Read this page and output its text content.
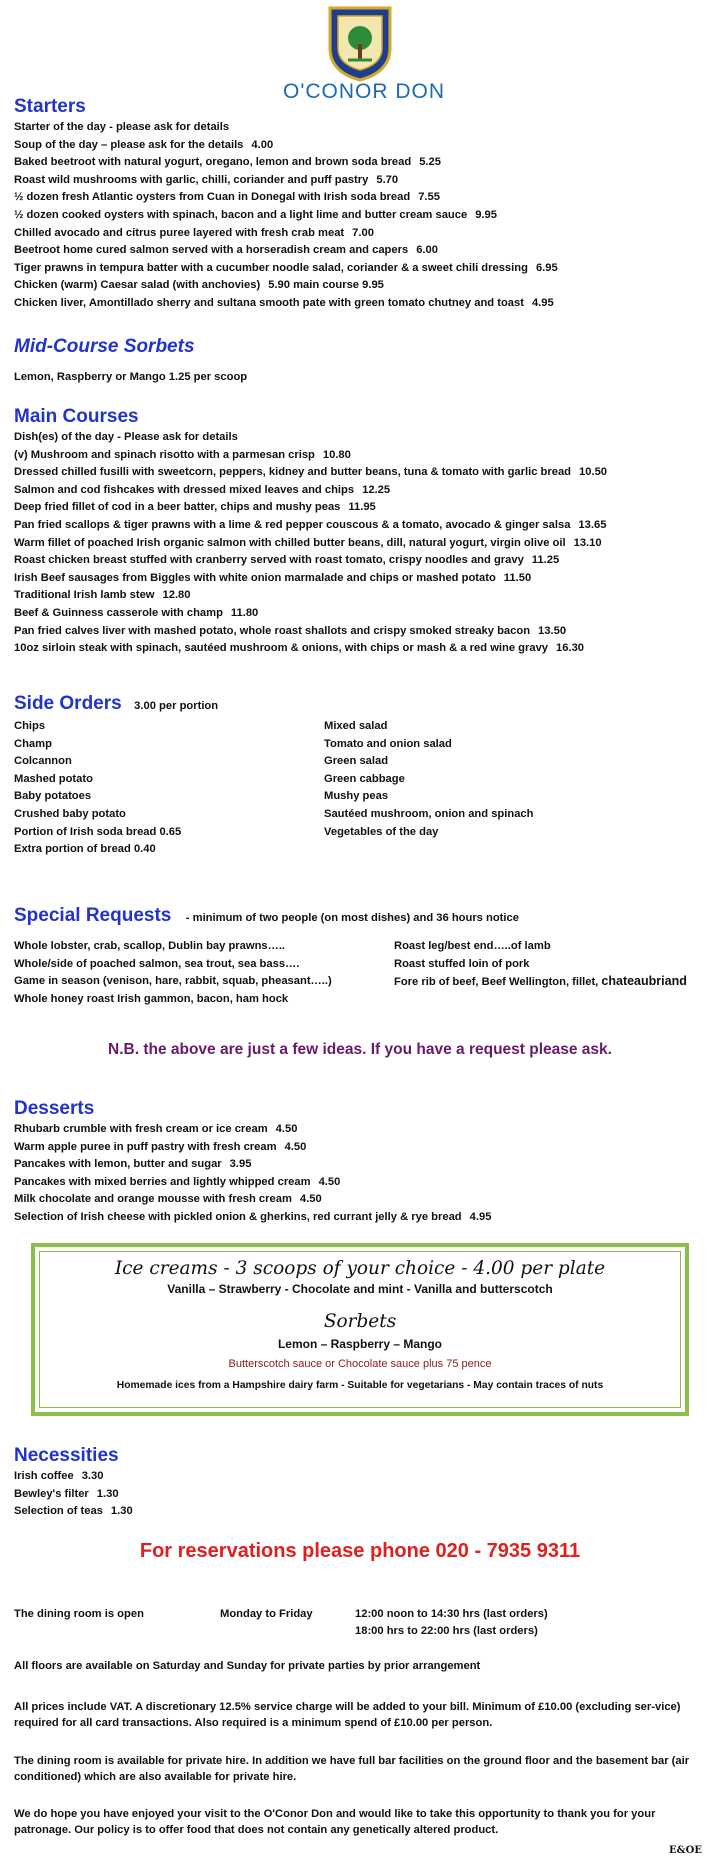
O'CONOR DON
Starters
Starter of the day - please ask for details
Soup of the day – please ask for the details 4.00
Baked beetroot with natural yogurt, oregano, lemon and brown soda bread 5.25
Roast wild mushrooms with garlic, chilli, coriander and puff pastry 5.70
½ dozen fresh Atlantic oysters from Cuan in Donegal with Irish soda bread 7.55
½ dozen cooked oysters with spinach, bacon and a light lime and butter cream sauce 9.95
Chilled avocado and citrus puree layered with fresh crab meat 7.00
Beetroot home cured salmon served with a horseradish cream and capers 6.00
Tiger prawns in tempura batter with a cucumber noodle salad, coriander & a sweet chili dressing 6.95
Chicken (warm) Caesar salad (with anchovies) 5.90 main course 9.95
Chicken liver, Amontillado sherry and sultana smooth pate with green tomato chutney and toast 4.95
Mid-Course Sorbets
Lemon, Raspberry or Mango 1.25 per scoop
Main Courses
Dish(es) of the day - Please ask for details
(v) Mushroom and spinach risotto with a parmesan crisp 10.80
Dressed chilled fusilli with sweetcorn, peppers, kidney and butter beans, tuna & tomato with garlic bread 10.50
Salmon and cod fishcakes with dressed mixed leaves and chips 12.25
Deep fried fillet of cod in a beer batter, chips and mushy peas 11.95
Pan fried scallops & tiger prawns with a lime & red pepper couscous & a tomato, avocado & ginger salsa 13.65
Warm fillet of poached Irish organic salmon with chilled butter beans, dill, natural yogurt, virgin olive oil 13.10
Roast chicken breast stuffed with cranberry served with roast tomato, crispy noodles and gravy 11.25
Irish Beef sausages from Biggles with white onion marmalade and chips or mashed potato 11.50
Traditional Irish lamb stew 12.80
Beef & Guinness casserole with champ 11.80
Pan fried calves liver with mashed potato, whole roast shallots and crispy smoked streaky bacon 13.50
10oz sirloin steak with spinach, sautéed mushroom & onions, with chips or mash & a red wine gravy 16.30
Side Orders 3.00 per portion
Chips
Champ
Colcannon
Mashed potato
Baby potatoes
Crushed baby potato
Portion of Irish soda bread 0.65
Extra portion of bread 0.40
Mixed salad
Tomato and onion salad
Green salad
Green cabbage
Mushy peas
Sautéed mushroom, onion and spinach
Vegetables of the day
Special Requests - minimum of two people (on most dishes) and 36 hours notice
Whole lobster, crab, scallop, Dublin bay prawns…..
Whole/side of poached salmon, sea trout, sea bass….
Game in season (venison, hare, rabbit, squab, pheasant…..)
Whole honey roast Irish gammon, bacon, ham hock
Roast leg/best end…..of lamb
Roast stuffed loin of pork
Fore rib of beef, Beef Wellington, fillet, chateaubriand
N.B. the above are just a few ideas. If you have a request please ask.
Desserts
Rhubarb crumble with fresh cream or ice cream 4.50
Warm apple puree in puff pastry with fresh cream 4.50
Pancakes with lemon, butter and sugar 3.95
Pancakes with mixed berries and lightly whipped cream 4.50
Milk chocolate and orange mousse with fresh cream 4.50
Selection of Irish cheese with pickled onion & gherkins, red currant jelly & rye bread 4.95
Ice creams - 3 scoops of your choice - 4.00 per plate
Vanilla – Strawberry - Chocolate and mint - Vanilla and butterscotch
Sorbets
Lemon – Raspberry – Mango
Butterscotch sauce or Chocolate sauce plus 75 pence
Homemade ices from a Hampshire dairy farm - Suitable for vegetarians - May contain traces of nuts
Necessities
Irish coffee 3.30
Bewley's filter 1.30
Selection of teas 1.30
For reservations please phone 020 - 7935 9311
The dining room is open	Monday to Friday	12:00 noon to 14:30 hrs (last orders)
18:00 hrs to 22:00 hrs (last orders)
All floors are available on Saturday and Sunday for private parties by prior arrangement
All prices include VAT. A discretionary 12.5% service charge will be added to your bill. Minimum of £10.00 (excluding ser-vice) required for all card transactions. Also required is a minimum spend of £10.00 per person.
The dining room is available for private hire. In addition we have full bar facilities on the ground floor and the basement bar (air conditioned) which are also available for private hire.
We do hope you have enjoyed your visit to the O'Conor Don and would like to take this opportunity to thank you for your patronage. Our policy is to offer food that does not contain any genetically altered product.
E&OE
